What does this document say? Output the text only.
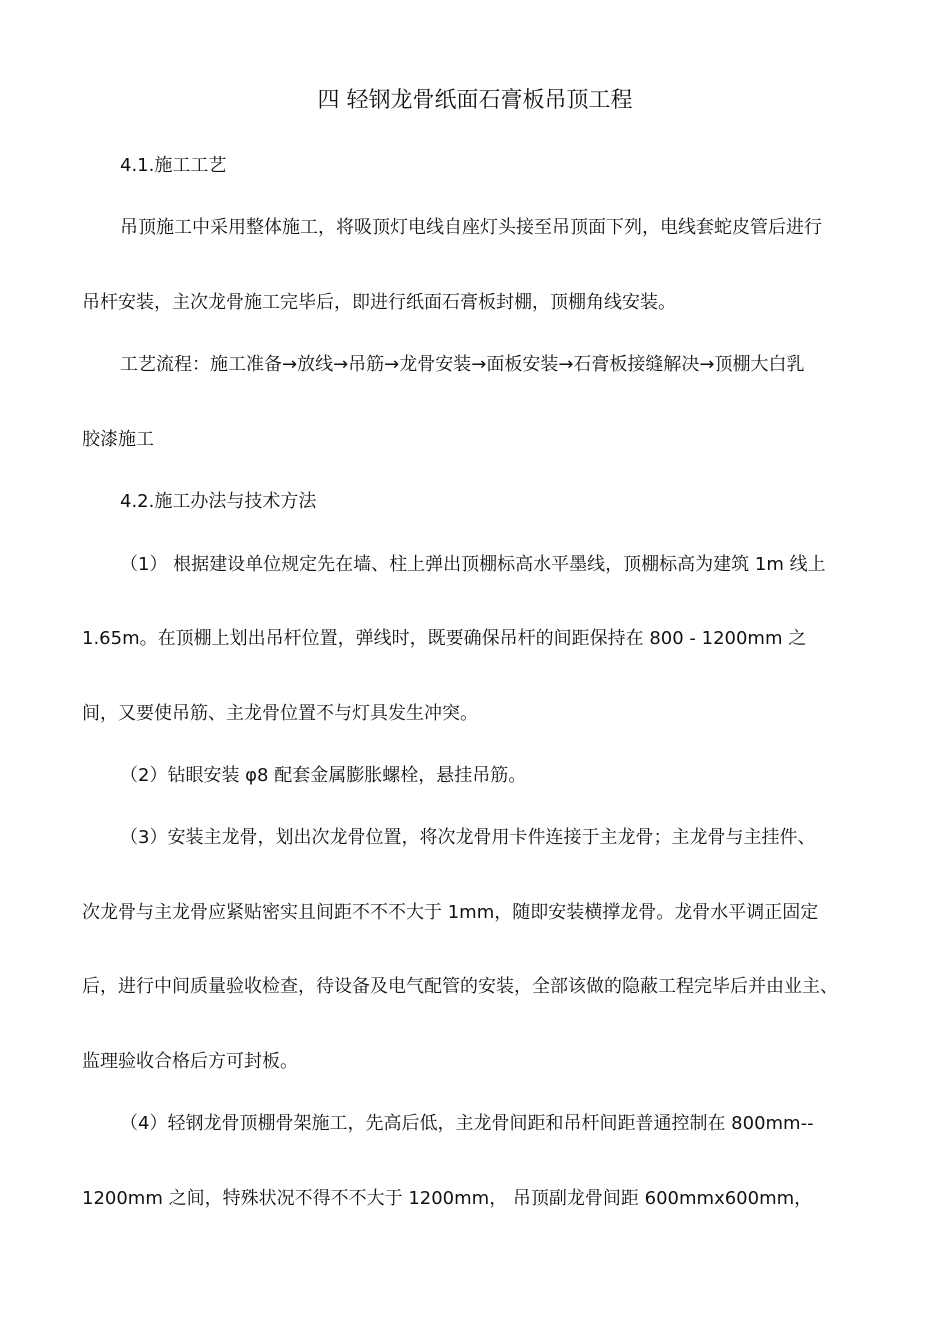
四 轻钢龙骨纸面石膏板吊顶工程
4.1.施工工艺
吊顶施工中采用整体施工，将吸顶灯电线自座灯头接至吊顶面下列，电线套蛇皮管后进行
吊杆安装，主次龙骨施工完毕后，即进行纸面石膏板封棚，顶棚角线安装。
工艺流程：施工准备→放线→吊筋→龙骨安装→面板安装→石膏板接缝解决→顶棚大白乳
胶漆施工
4.2.施工办法与技术方法
（1） 根据建设单位规定先在墙、柱上弹出顶棚标高水平墨线，顶棚标高为建筑 1m 线上
1.65m。在顶棚上划出吊杆位置，弹线时，既要确保吊杆的间距保持在 800 - 1200mm 之
间，又要使吊筋、主龙骨位置不与灯具发生冲突。
（2）钻眼安装 φ8 配套金属膨胀螺栓，悬挂吊筋。
（3）安装主龙骨，划出次龙骨位置，将次龙骨用卡件连接于主龙骨；主龙骨与主挂件、
次龙骨与主龙骨应紧贴密实且间距不不不大于 1mm，随即安装横撑龙骨。龙骨水平调正固定
后，进行中间质量验收检查，待设备及电气配管的安装，全部该做的隐蔽工程完毕后并由业主、
监理验收合格后方可封板。
（4）轻钢龙骨顶棚骨架施工，先高后低，主龙骨间距和吊杆间距普通控制在 800mm--
1200mm 之间，特殊状况不得不不大于 1200mm， 吊顶副龙骨间距 600mmx600mm，
